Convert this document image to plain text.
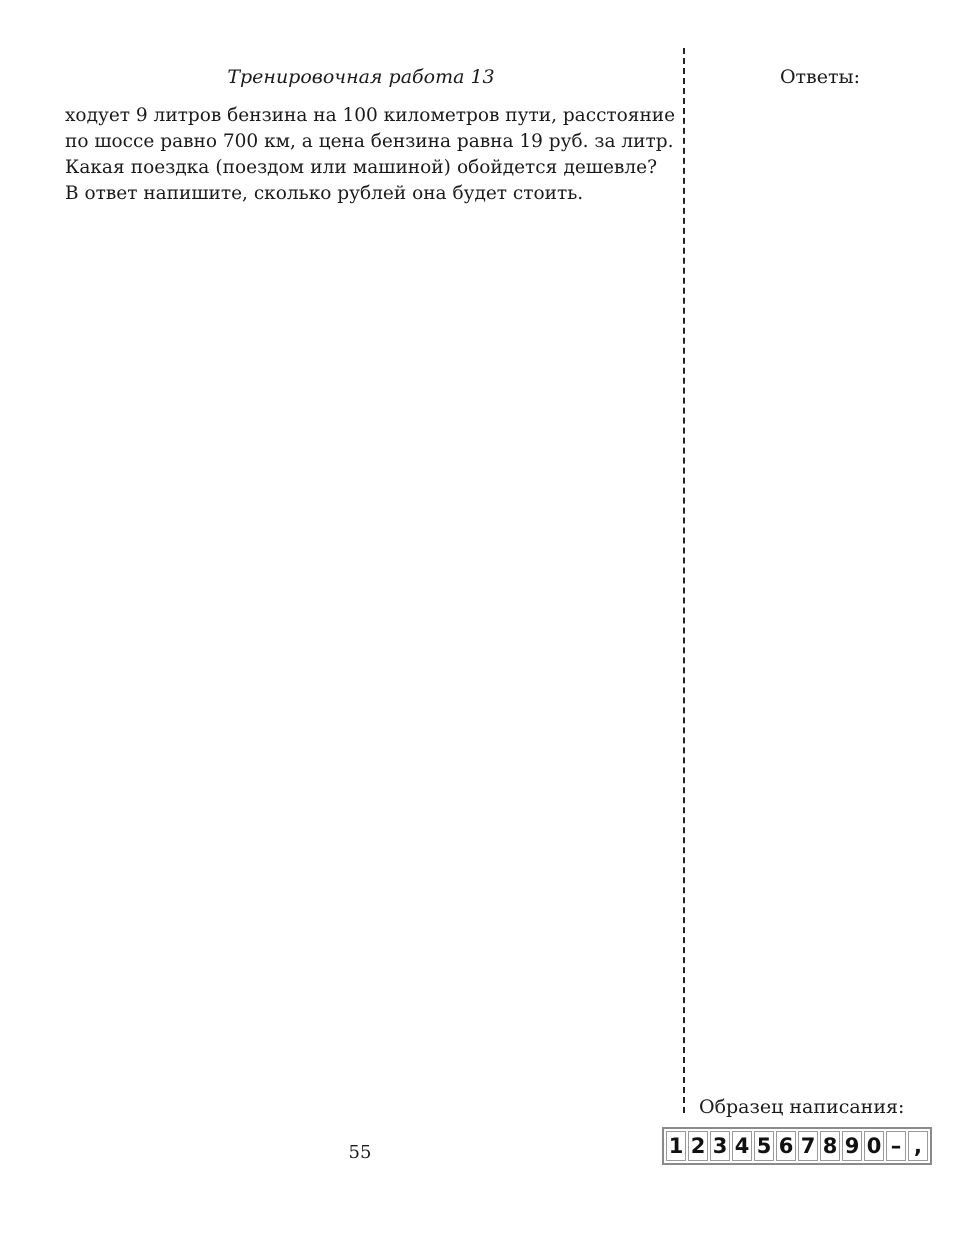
Тренировочная работа 13	Ответы:
ходует 9 литров бензина на 100 километров пути, расстояние
по шоссе равно 700 км, а цена бензина равна 19 руб. за литр.
Какая поездка (поездом или машиной) обойдется дешевле?
В ответ напишите, сколько рублей она будет стоить.
Образец написания:
1 2 3 4 5 6 7 8 9 0 – ,
55
